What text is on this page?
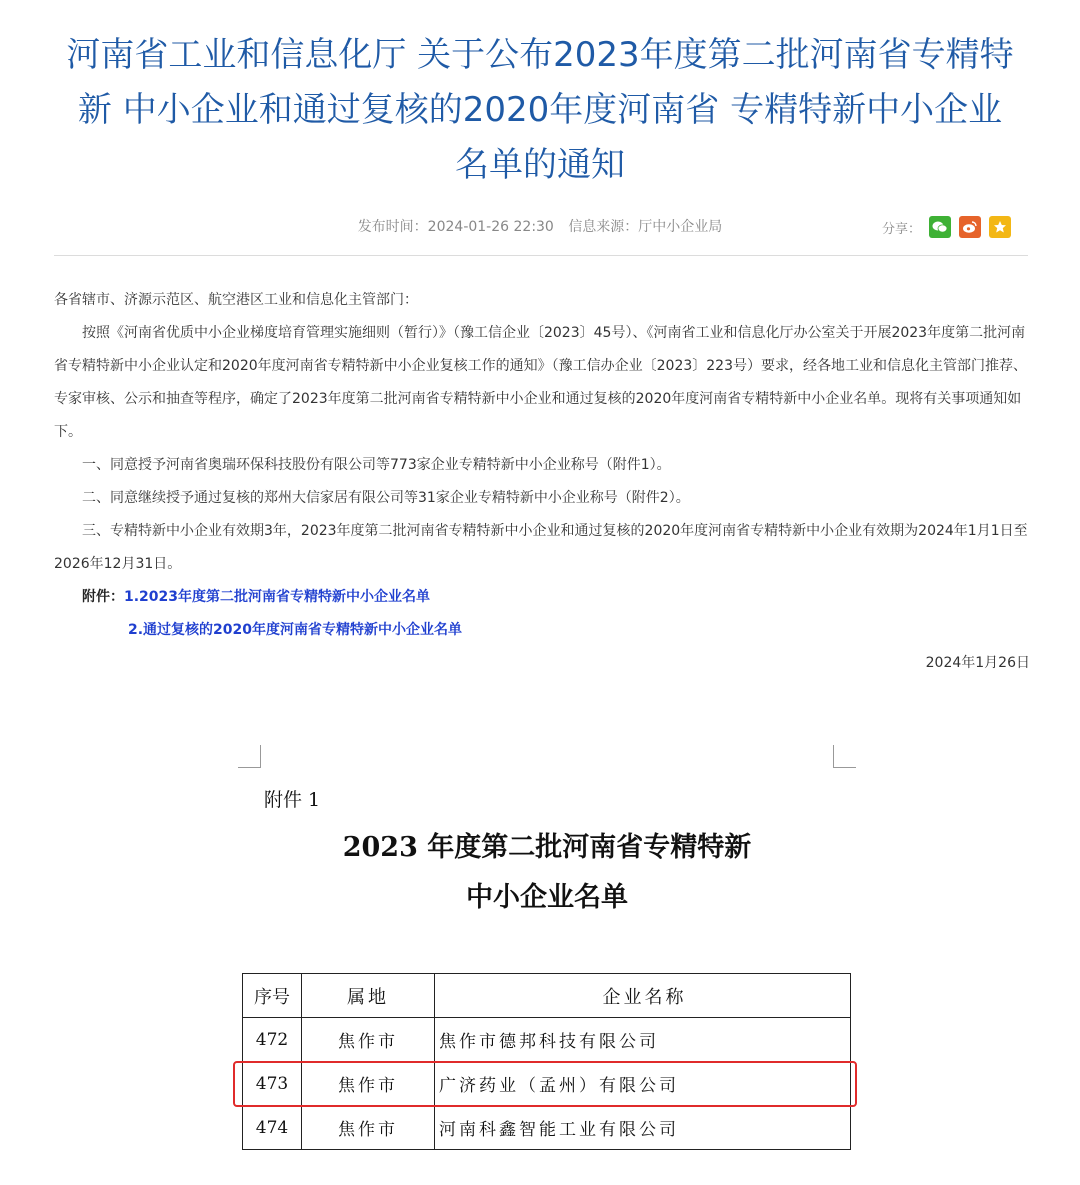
河南省工业和信息化厅 关于公布2023年度第二批河南省专精特
新 中小企业和通过复核的2020年度河南省 专精特新中小企业
名单的通知
发布时间：2024-01-26 22:30 信息来源：厅中小企业局	分享：

各省辖市、济源示范区、航空港区工业和信息化主管部门：

按照《河南省优质中小企业梯度培育管理实施细则（暂行）》（豫工信企业〔2023〕45号）、《河南省工业和信息化厅办公室关于开展2023年度第二批河南省专精特新中小企业认定和2020年度河南省专精特新中小企业复核工作的通知》（豫工信办企业〔2023〕223号）要求，经各地工业和信息化主管部门推荐、专家审核、公示和抽查等程序，确定了2023年度第二批河南省专精特新中小企业和通过复核的2020年度河南省专精特新中小企业名单。现将有关事项通知如下。

一、同意授予河南省奥瑞环保科技股份有限公司等773家企业专精特新中小企业称号（附件1）。

二、同意继续授予通过复核的郑州大信家居有限公司等31家企业专精特新中小企业称号（附件2）。

三、专精特新中小企业有效期3年，2023年度第二批河南省专精特新中小企业和通过复核的2020年度河南省专精特新中小企业有效期为2024年1月1日至2026年12月31日。

附件：1.2023年度第二批河南省专精特新中小企业名单

2.通过复核的2020年度河南省专精特新中小企业名单

2024年1月26日

附件 1
2023 年度第二批河南省专精特新
中小企业名单
序号	属地	企业名称
472	焦作市	焦作市德邦科技有限公司
473	焦作市	广济药业（孟州）有限公司
474	焦作市	河南科鑫智能工业有限公司
